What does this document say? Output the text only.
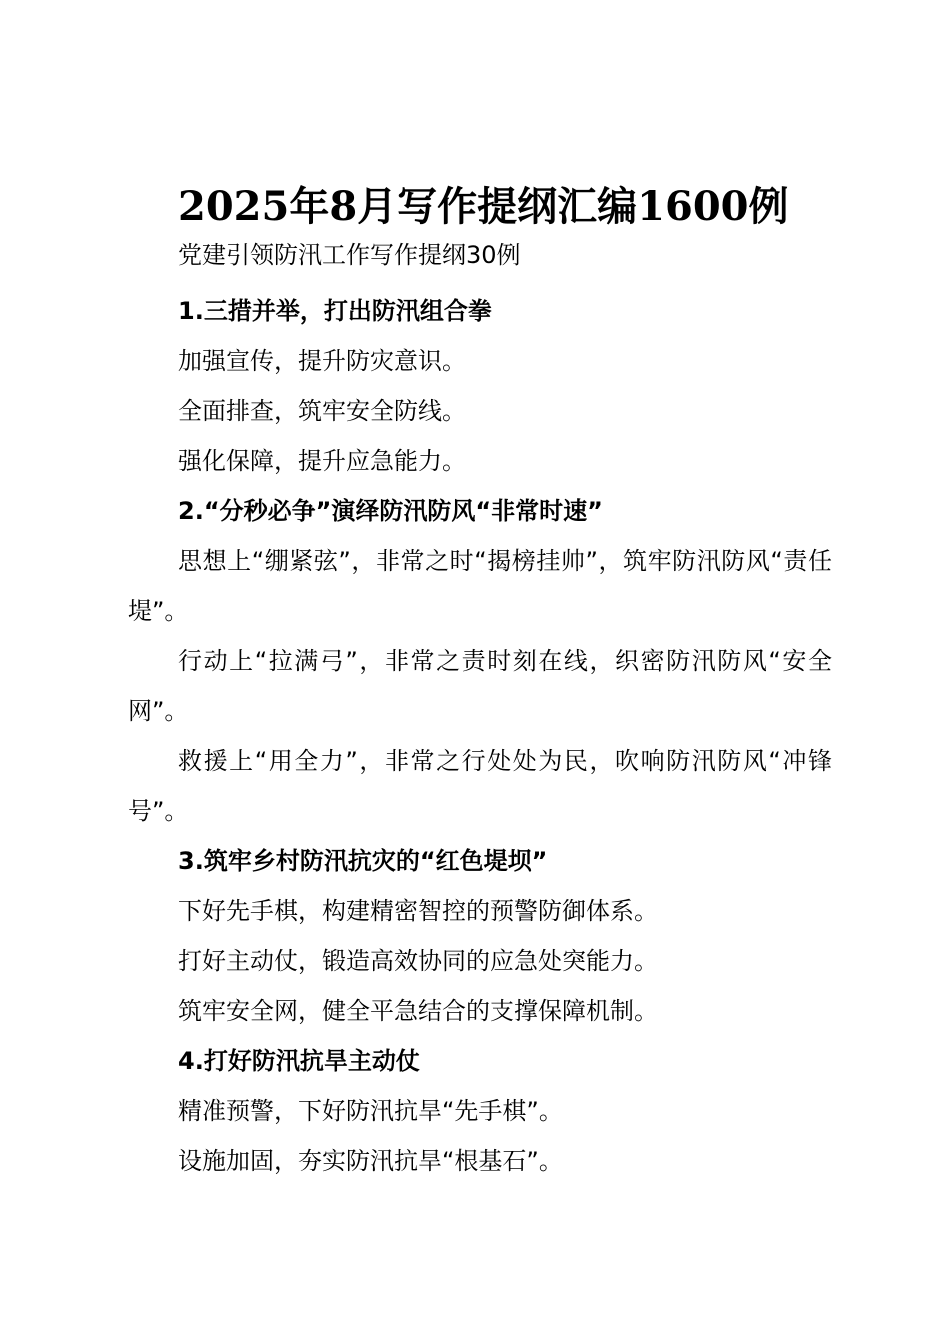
2025年8月写作提纲汇编1600例

党建引领防汛工作写作提纲30例

1.三措并举，打出防汛组合拳

加强宣传，提升防灾意识。

全面排查，筑牢安全防线。

强化保障，提升应急能力。

2.“分秒必争”演绎防汛防风“非常时速”

思想上“绷紧弦”，非常之时“揭榜挂帅”，筑牢防汛防风“责任堤”。

行动上“拉满弓”，非常之责时刻在线，织密防汛防风“安全网”。

救援上“用全力”，非常之行处处为民，吹响防汛防风“冲锋号”。

3.筑牢乡村防汛抗灾的“红色堤坝”

下好先手棋，构建精密智控的预警防御体系。

打好主动仗，锻造高效协同的应急处突能力。

筑牢安全网，健全平急结合的支撑保障机制。

4.打好防汛抗旱主动仗

精准预警，下好防汛抗旱“先手棋”。

设施加固，夯实防汛抗旱“根基石”。
